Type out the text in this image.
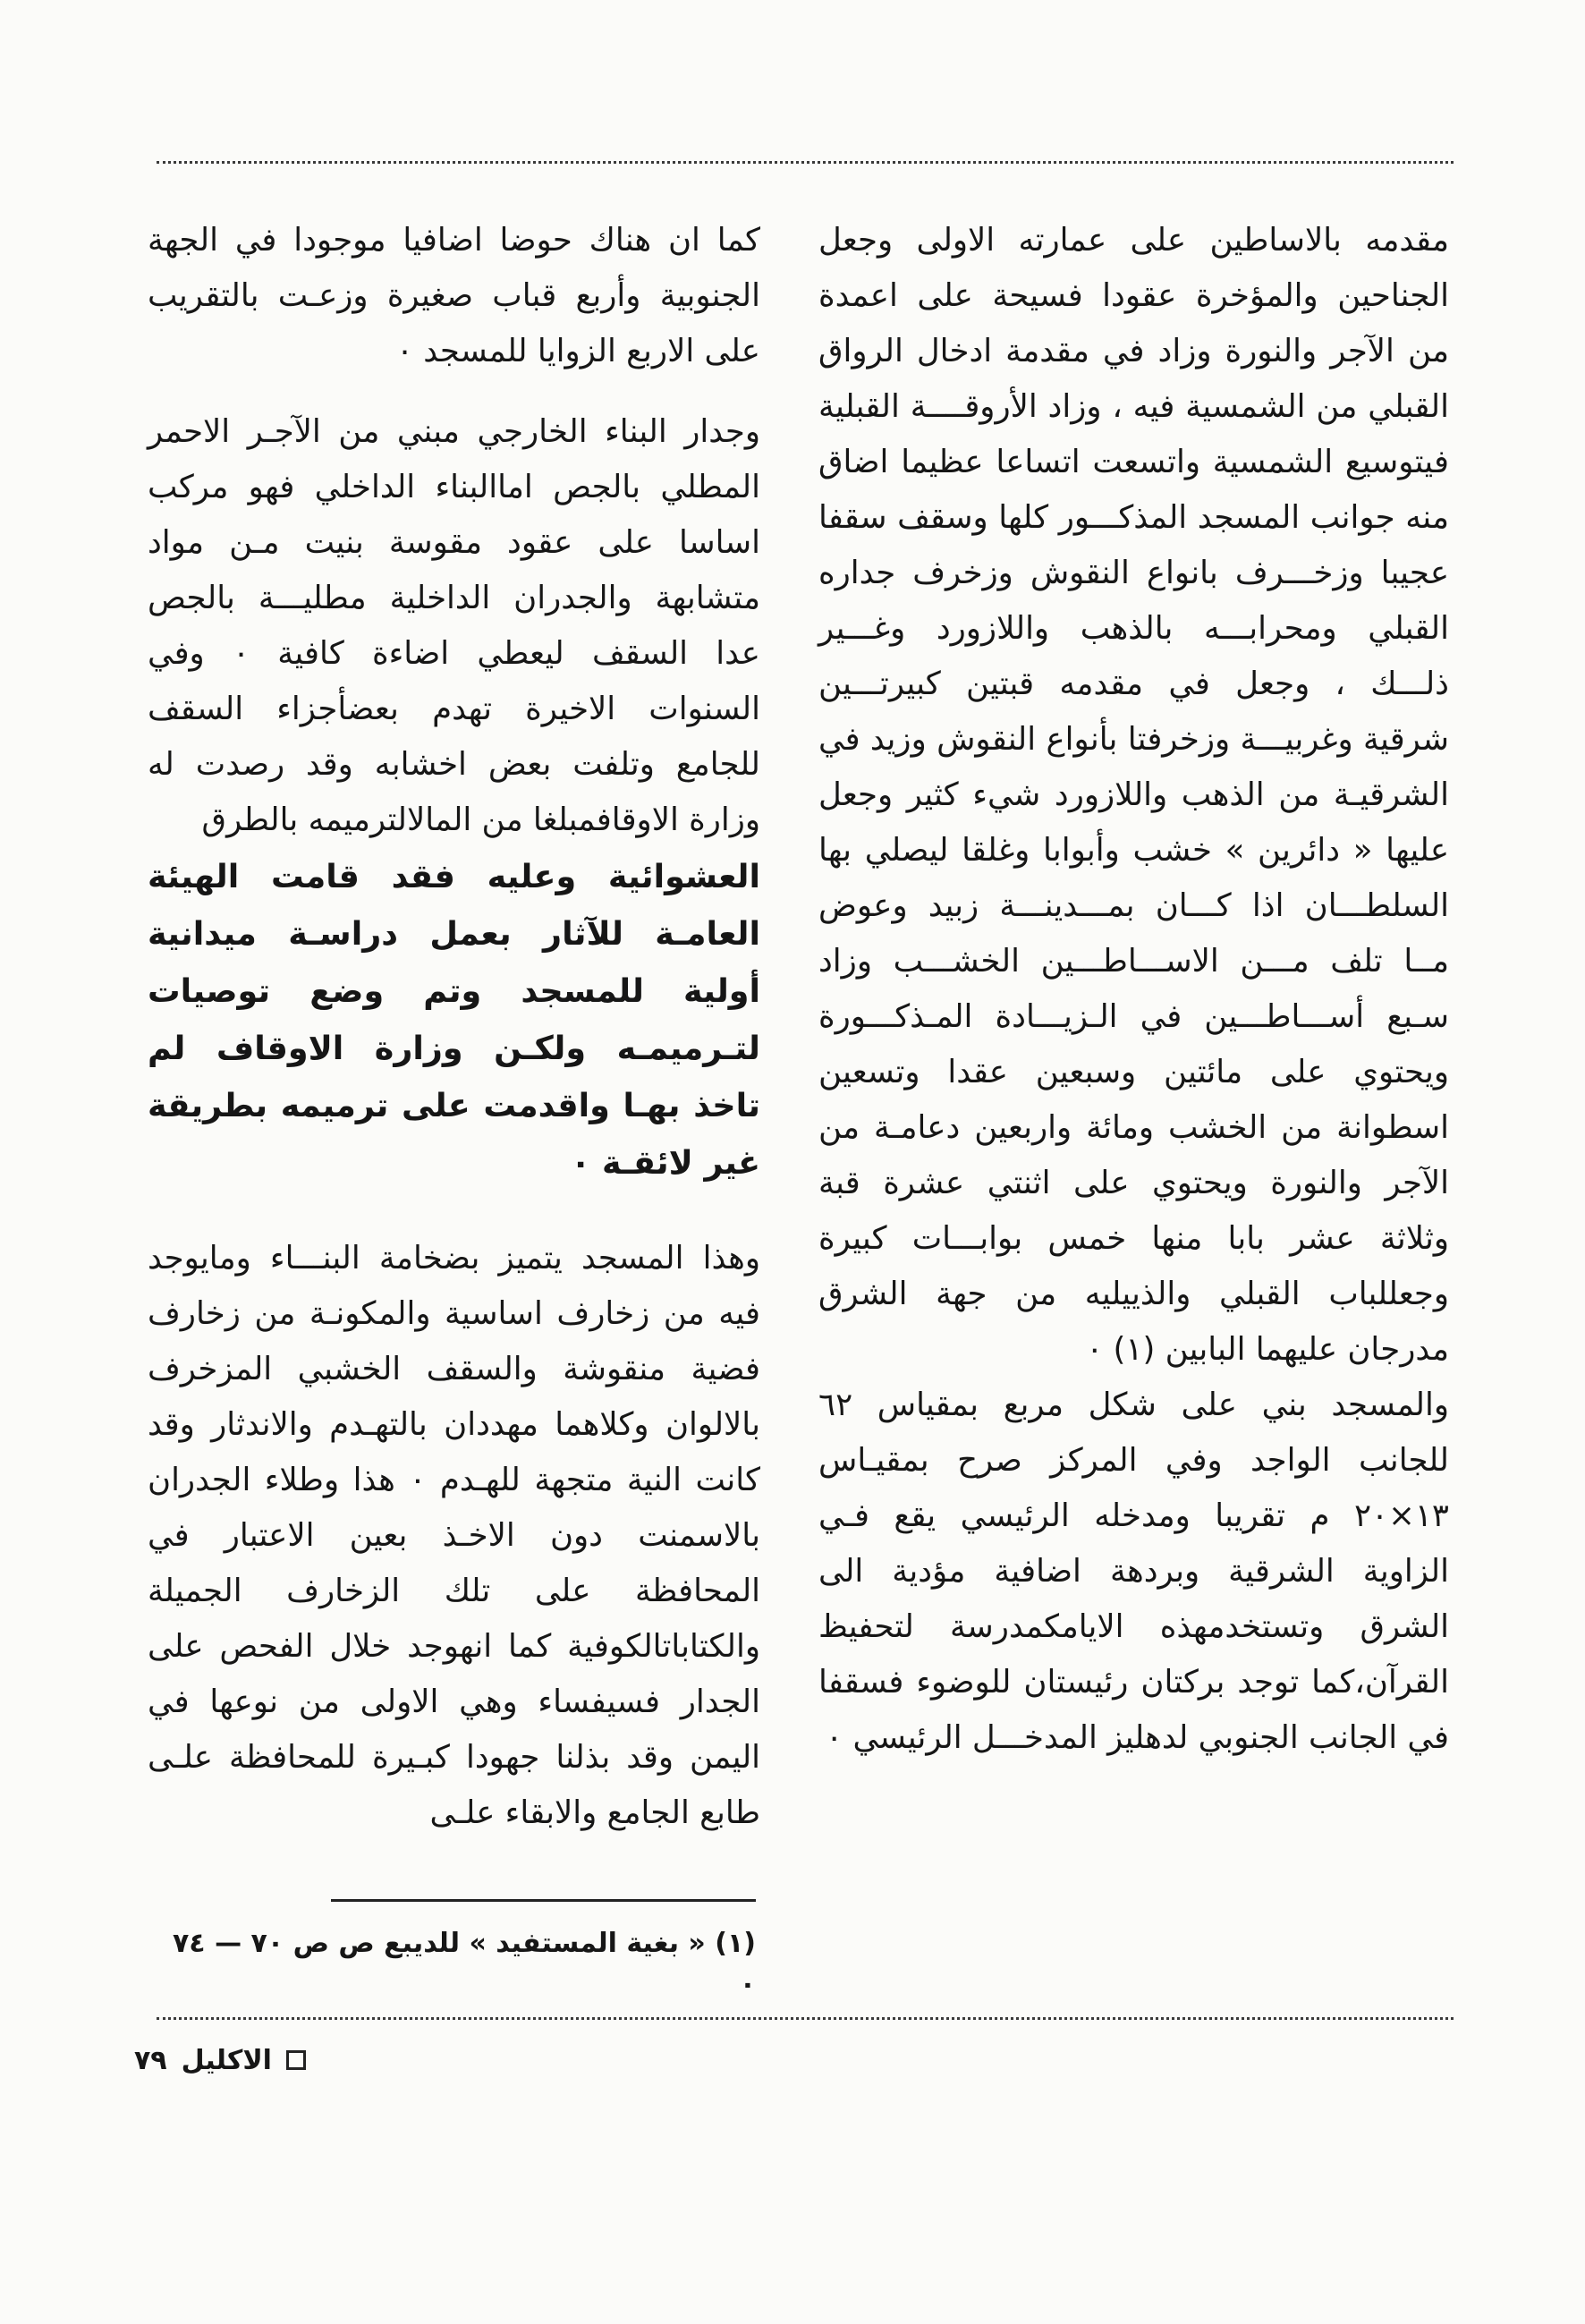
مقدمه بالاساطين على عمارته الاولى وجعل الجناحين والمؤخرة عقودا فسيحة على اعمدة من الآجر والنورة وزاد في مقدمة ادخال الرواق القبلي من الشمسية فيه ، وزاد الأروقــــة القبلية فيتوسيع الشمسية واتسعت اتساعا عظيما اضاق منه جوانب المسجد المذكـــور كلها وسقف سقفا عجيبا وزخـــرف بانواع النقوش وزخرف جداره القبلي ومحرابـــه بالذهب واللازورد وغـــير ذلـــك ، وجعل في مقدمه قبتين كبيرتـــين شرقية وغربيـــة وزخرفتا بأنواع النقوش وزيد في الشرقيـة من الذهب واللازورد شيء كثير وجعل عليها « دائرين » خشب وأبوابا وغلقا ليصلي بها السلطـــان اذا كـــان بمـــدينـــة زبيد وعوض مــا تلف مـــن الاســـاطـــين الخشـــب وزاد سـبع أســـاطـــين في الـزيـــادة المـذكـــورة ويحتوي على مائتين وسبعين عقدا وتسعين اسطوانة من الخشب ومائة واربعين دعامـة من الآجر والنورة ويحتوي على اثنتي عشرة قبة وثلاثة عشر بابا منها خمس بوابـــات كبيرة وجعللباب القبلي والذييليه من جهة الشرق مدرجان عليهما البابين (١) ٠

والمسجد بني على شكل مربع بمقياس ٦٢ للجانب الواجد وفي المركز صرح بمقيـاس ١٣×٢٠ م تقريبا ومدخله الرئيسي يقع فـي الزاوية الشرقية وبردهة اضافية مؤدية الى الشرق وتستخدمهذه الايامكمدرسة لتحفيظ القرآن،كما توجد بركتان رئيستان للوضوء فسقفا في الجانب الجنوبي لدهليز المدخـــل الرئيسي ٠

كما ان هناك حوضا اضافيا موجودا في الجهة الجنوبية وأربع قباب صغيرة وزعـت بالتقريب على الاربع الزوايا للمسجد ٠

وجدار البناء الخارجي مبني من الآجـر الاحمر المطلي بالجص اماالبناء الداخلي فهو مركب اساسا على عقود مقوسة بنيت مـن مواد متشابهة والجدران الداخلية مطليـــة بالجص عدا السقف ليعطي اضاءة كافية ٠ وفي السنوات الاخيرة تهدم بعضأجزاء السقف للجامع وتلفت بعض اخشابه وقد رصدت له وزارة الاوقافمبلغا من المالالترميمه بالطرق

العشوائية وعليه فقد قامت الهيئة العامـة للآثار بعمل دراسـة ميدانية أولية للمسجد وتم وضع توصيات لتـرميمـه ولكـن وزارة الاوقاف لم تاخذ بهـا واقدمت على ترميمه بطريقة غير لائقـة ٠

وهذا المسجد يتميز بضخامة البنـــاء ومايوجد فيه من زخارف اساسية والمكونـة من زخارف فضية منقوشة والسقف الخشبي المزخرف بالالوان وكلاهما مهددان بالتهـدم والاندثار وقد كانت النية متجهة للهـدم ٠ هذا وطلاء الجدران بالاسمنت دون الاخـذ بعين الاعتبار في المحافظة على تلك الزخارف الجميلة والكتاباتالكوفية كما انهوجد خلال الفحص على الجدار فسيفساء وهي الاولى من نوعها في اليمن وقد بذلنا جهودا كبـيرة للمحافظة علـى طابع الجامع والابقاء علـى

(١) « بغية المستفيد » للديبع ص ص ٧٠ — ٧٤ ٠
الاكليل
٧٩
